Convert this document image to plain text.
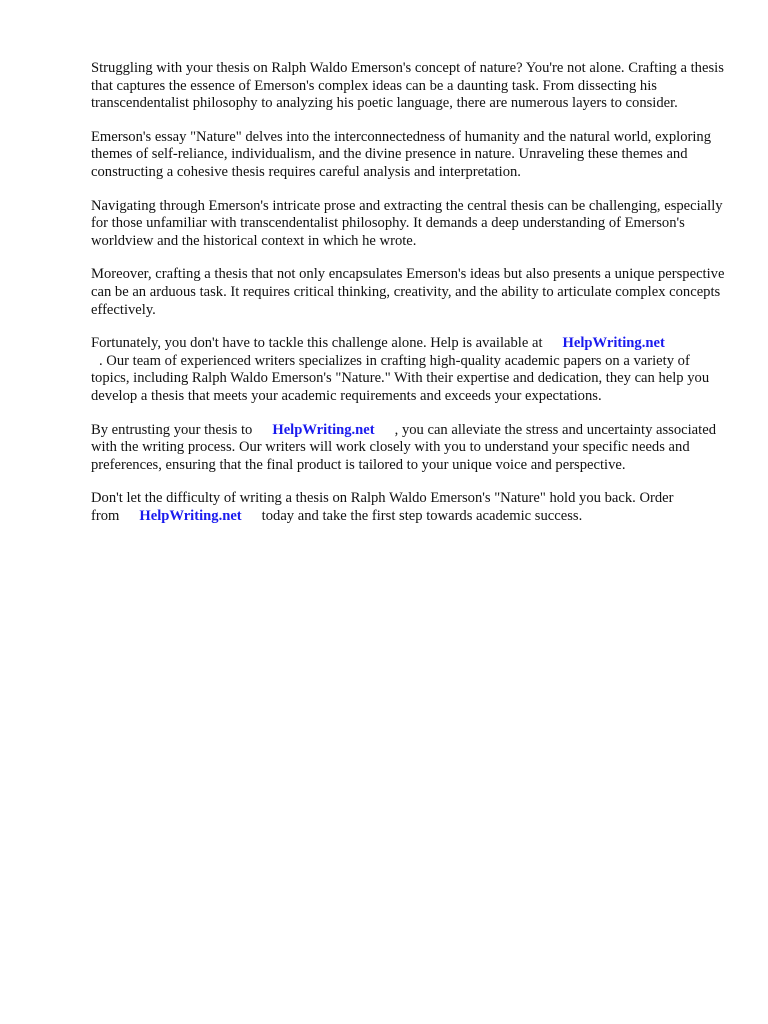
Struggling with your thesis on Ralph Waldo Emerson's concept of nature? You're not alone. Crafting a thesis that captures the essence of Emerson's complex ideas can be a daunting task. From dissecting his transcendentalist philosophy to analyzing his poetic language, there are numerous layers to consider.

Emerson's essay "Nature" delves into the interconnectedness of humanity and the natural world, exploring themes of self-reliance, individualism, and the divine presence in nature. Unraveling these themes and constructing a cohesive thesis requires careful analysis and interpretation.

Navigating through Emerson's intricate prose and extracting the central thesis can be challenging, especially for those unfamiliar with transcendentalist philosophy. It demands a deep understanding of Emerson's worldview and the historical context in which he wrote.

Moreover, crafting a thesis that not only encapsulates Emerson's ideas but also presents a unique perspective can be an arduous task. It requires critical thinking, creativity, and the ability to articulate complex concepts effectively.

Fortunately, you don't have to tackle this challenge alone. Help is available at HelpWriting.net
. Our team of experienced writers specializes in crafting high-quality academic papers on a variety of topics, including Ralph Waldo Emerson's "Nature." With their expertise and dedication, they can help you develop a thesis that meets your academic requirements and exceeds your expectations.

By entrusting your thesis to HelpWriting.net , you can alleviate the stress and uncertainty associated with the writing process. Our writers will work closely with you to understand your specific needs and preferences, ensuring that the final product is tailored to your unique voice and perspective.

Don't let the difficulty of writing a thesis on Ralph Waldo Emerson's "Nature" hold you back. Order from HelpWriting.net today and take the first step towards academic success.
